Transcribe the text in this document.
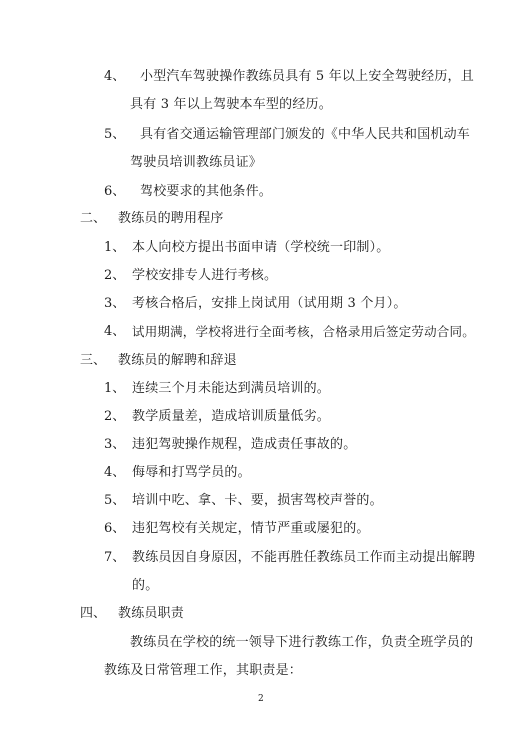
4、 小型汽车驾驶操作教练员具有 5 年以上安全驾驶经历，且
具有 3 年以上驾驶本车型的经历。
5、 具有省交通运输管理部门颁发的《中华人民共和国机动车
驾驶员培训教练员证》
6、 驾校要求的其他条件。
二、 教练员的聘用程序
1、 本人向校方提出书面申请（学校统一印制）。
2、 学校安排专人进行考核。
3、 考核合格后，安排上岗试用（试用期 3 个月）。
4、 试用期满，学校将进行全面考核，合格录用后签定劳动合同。
三、 教练员的解聘和辞退
1、 连续三个月未能达到满员培训的。
2、 教学质量差，造成培训质量低劣。
3、 违犯驾驶操作规程，造成责任事故的。
4、 侮辱和打骂学员的。
5、 培训中吃、拿、卡、要，损害驾校声誉的。
6、 违犯驾校有关规定，情节严重或屡犯的。
7、 教练员因自身原因，不能再胜任教练员工作而主动提出解聘
的。
四、 教练员职责
教练员在学校的统一领导下进行教练工作，负责全班学员的
教练及日常管理工作，其职责是：
2
